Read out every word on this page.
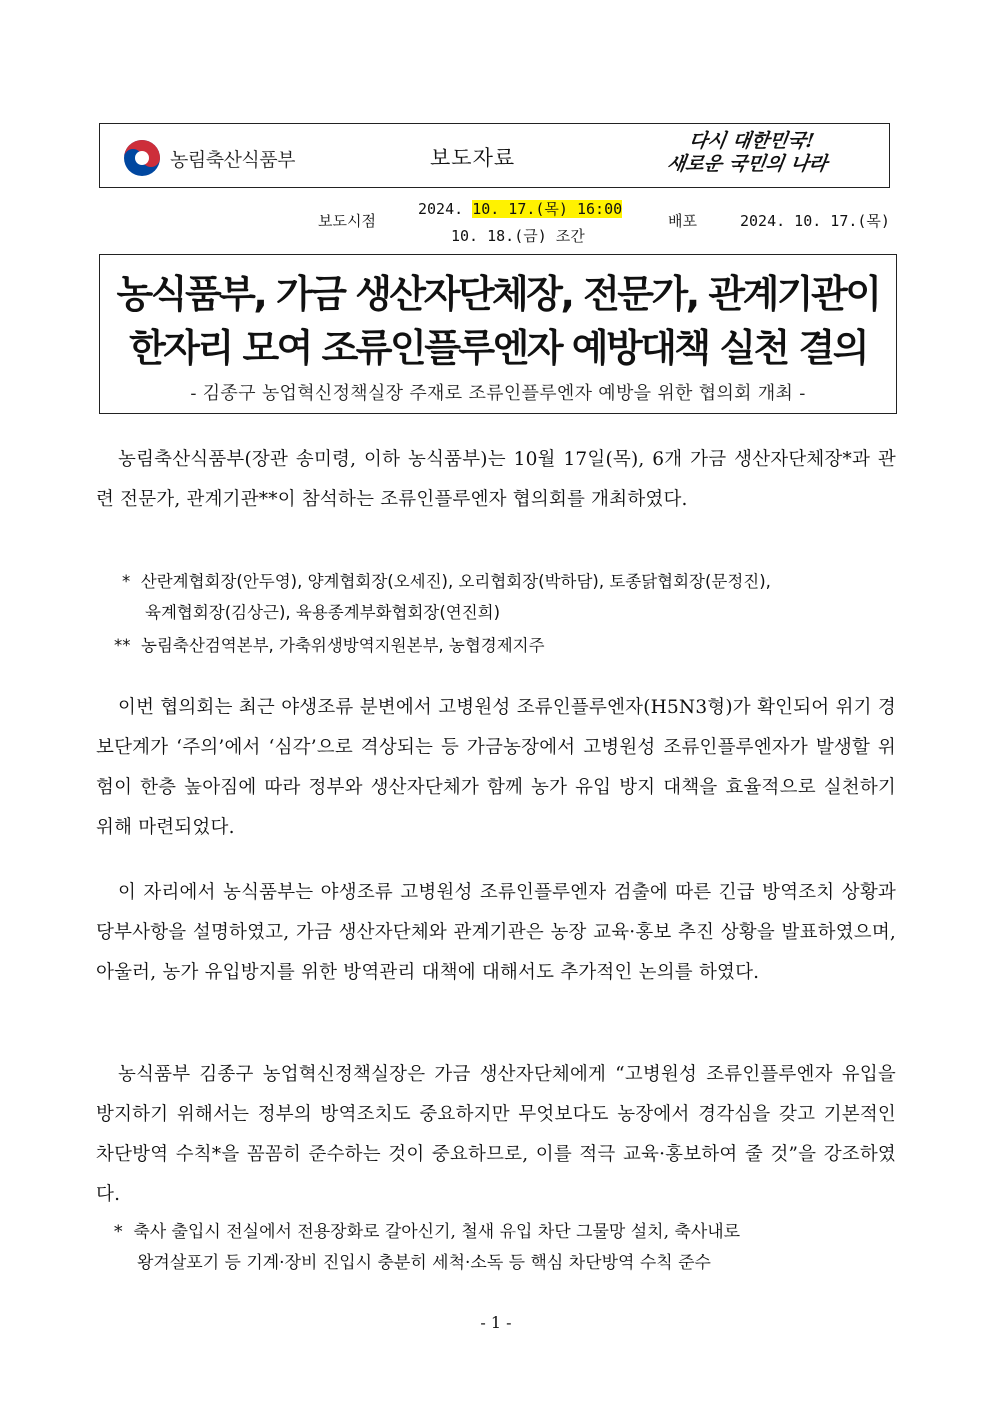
농림축산식품부	보도자료
다시 대한민국!
새로운 국민의 나라
보도시점
2024. 10. 17.(목) 16:00
10. 18.(금) 조간
배포	2024. 10. 17.(목)
농식품부, 가금 생산자단체장, 전문가, 관계기관이
한자리 모여 조류인플루엔자 예방대책 실천 결의
- 김종구 농업혁신정책실장 주재로 조류인플루엔자 예방을 위한 협의회 개최 -

농림축산식품부(장관 송미령, 이하 농식품부)는 10월 17일(목), 6개 가금 생산자단체장*과 관련 전문가, 관계기관**이 참석하는 조류인플루엔자 협의회를 개최하였다.

* 산란계협회장(안두영), 양계협회장(오세진), 오리협회장(박하담), 토종닭협회장(문정진),
육계협회장(김상근), 육용종계부화협회장(연진희)
** 농림축산검역본부, 가축위생방역지원본부, 농협경제지주

이번 협의회는 최근 야생조류 분변에서 고병원성 조류인플루엔자(H5N3형)가 확인되어 위기 경보단계가 ‘주의’에서 ‘심각’으로 격상되는 등 가금농장에서 고병원성 조류인플루엔자가 발생할 위험이 한층 높아짐에 따라 정부와 생산자단체가 함께 농가 유입 방지 대책을 효율적으로 실천하기 위해 마련되었다.

이 자리에서 농식품부는 야생조류 고병원성 조류인플루엔자 검출에 따른 긴급 방역조치 상황과 당부사항을 설명하였고, 가금 생산자단체와 관계기관은 농장 교육·홍보 추진 상황을 발표하였으며, 아울러, 농가 유입방지를 위한 방역관리 대책에 대해서도 추가적인 논의를 하였다.

농식품부 김종구 농업혁신정책실장은 가금 생산자단체에게 “고병원성 조류인플루엔자 유입을 방지하기 위해서는 정부의 방역조치도 중요하지만 무엇보다도 농장에서 경각심을 갖고 기본적인 차단방역 수칙*을 꼼꼼히 준수하는 것이 중요하므로, 이를 적극 교육·홍보하여 줄 것”을 강조하였다.

* 축사 출입시 전실에서 전용장화로 갈아신기, 철새 유입 차단 그물망 설치, 축사내로
왕겨살포기 등 기계·장비 진입시 충분히 세척·소독 등 핵심 차단방역 수칙 준수
- 1 -
